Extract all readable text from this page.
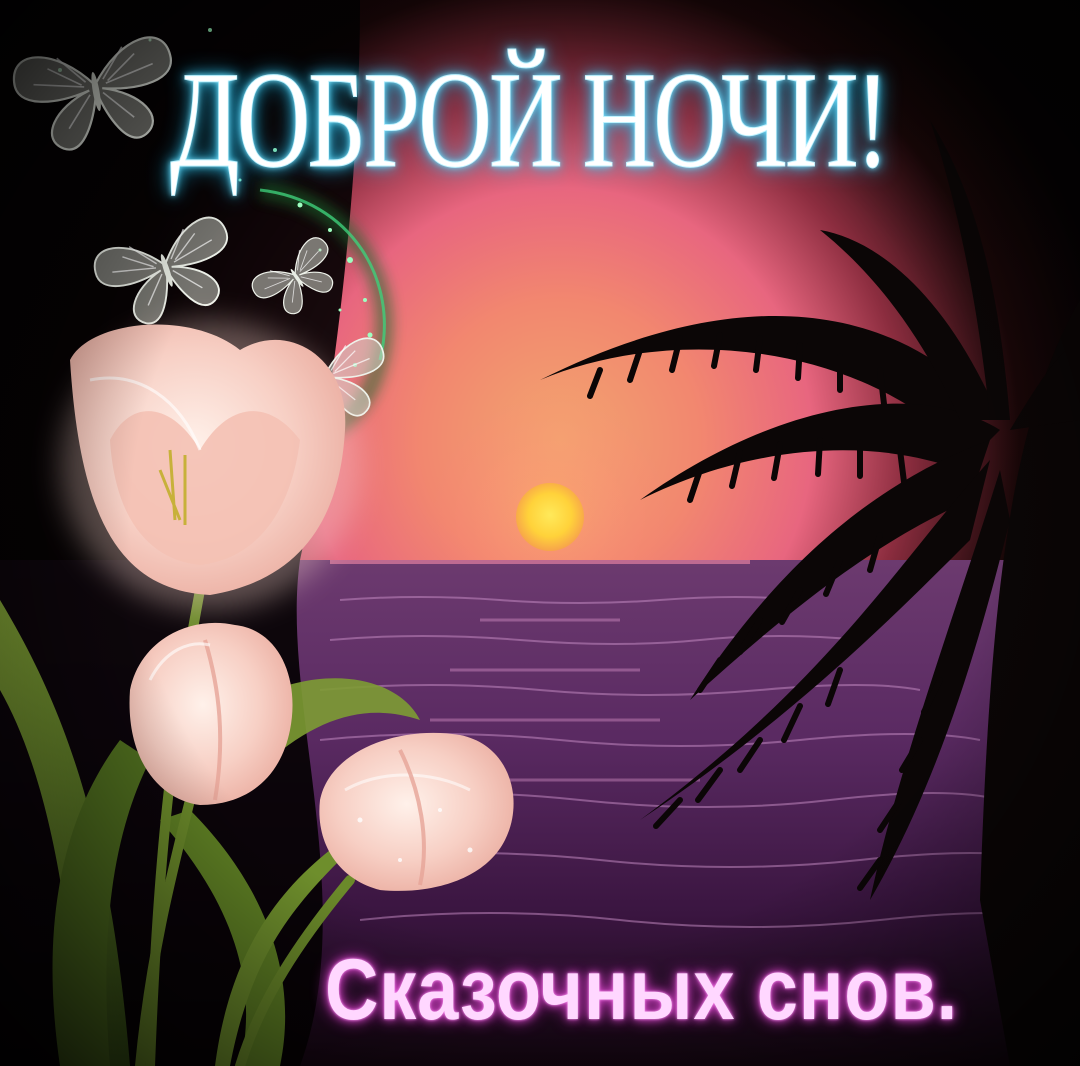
ДОБРОЙ НОЧИ!
Сказочных снов.
